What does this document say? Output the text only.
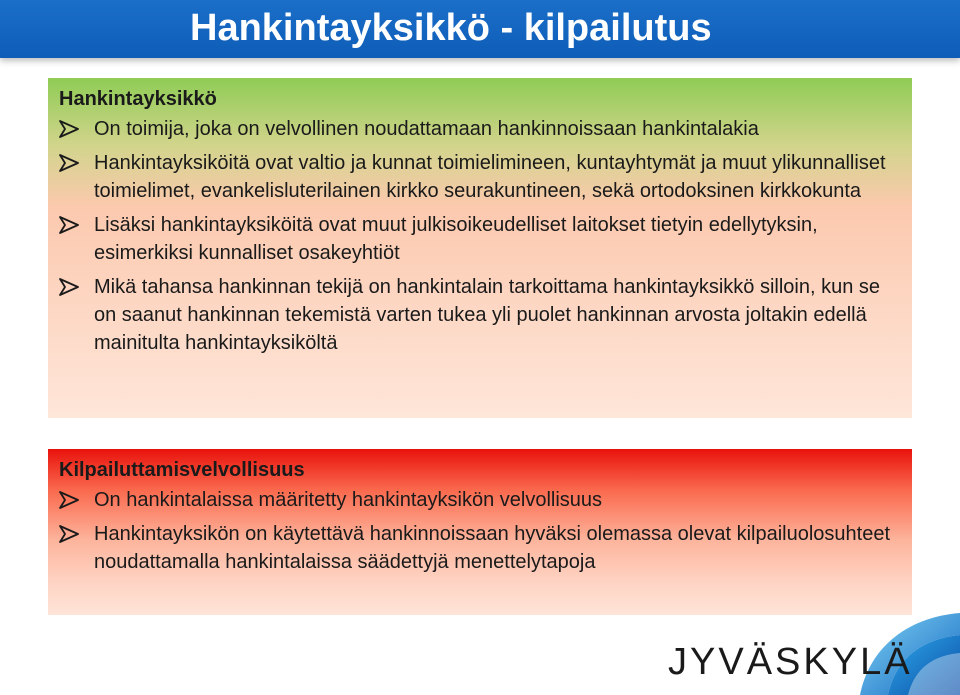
Hankintayksikkö - kilpailutus
Hankintayksikkö
On toimija, joka on velvollinen noudattamaan hankinnoissaan hankintalakia
Hankintayksiköitä ovat valtio ja kunnat toimielimineen, kuntayhtymät ja muut ylikunnalliset toimielimet, evankelisluterilainen kirkko seurakuntineen, sekä ortodoksinen kirkkokunta
Lisäksi hankintayksiköitä ovat muut julkisoikeudelliset laitokset tietyin edellytyksin, esimerkiksi kunnalliset osakeyhtiöt
Mikä tahansa hankinnan tekijä on hankintalain tarkoittama hankintayksikkö silloin, kun se on saanut hankinnan tekemistä varten tukea yli puolet hankinnan arvosta joltakin edellä mainitulta hankintayksiköltä
Kilpailuttamisvelvollisuus
On hankintalaissa määritetty hankintayksikön velvollisuus
Hankintayksikön on käytettävä hankinnoissaan hyväksi olemassa olevat kilpailuolosuhteet noudattamalla hankintalaissa säädettyjä menettelytapoja
JYVÄSKYLÄ
